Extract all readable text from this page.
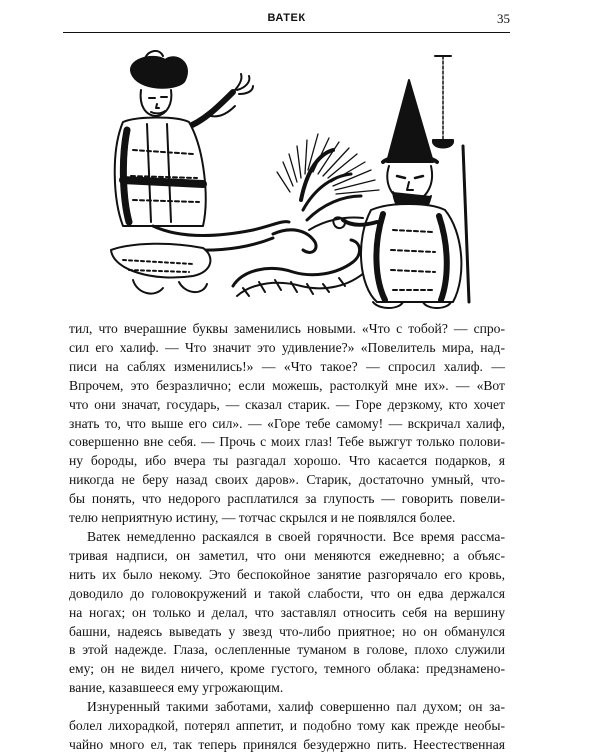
ВАТЕК	35

тил, что вчерашние буквы заменились новыми. «Что с тобой? — спро-
сил его халиф. — Что значит это удивление?» «Повелитель мира, над-
писи на саблях изменились!» — «Что такое? — спросил халиф. —
Впрочем, это безразлично; если можешь, растолкуй мне их». — «Вот
что они значат, государь, — сказал старик. — Горе дерзкому, кто хочет
знать то, что выше его сил». — «Горе тебе самому! — вскричал халиф,
совершенно вне себя. — Прочь с моих глаз! Тебе выжгут только полови-
ну бороды, ибо вчера ты разгадал хорошо. Что касается подарков, я
никогда не беру назад своих даров». Старик, достаточно умный, что-
бы понять, что недорого расплатился за глупость — говорить повели-
телю неприятную истину, — тотчас скрылся и не появлялся более.

Ватек немедленно раскаялся в своей горячности. Все время рассма-
тривая надписи, он заметил, что они меняются ежедневно; а объяс-
нить их было некому. Это беспокойное занятие разгорячало его кровь,
доводило до головокружений и такой слабости, что он едва держался
на ногах; он только и делал, что заставлял относить себя на вершину
башни, надеясь выведать у звезд что-либо приятное; но он обманулся
в этой надежде. Глаза, ослепленные туманом в голове, плохо служили
ему; он не видел ничего, кроме густого, темного облака: предзнамено-
вание, казавшееся ему угрожающим.

Изнуренный такими заботами, халиф совершенно пал духом; он за-
болел лихорадкой, потерял аппетит, и подобно тому как прежде необы-
чайно много ел, так теперь принялся безудержно пить. Неестественная
